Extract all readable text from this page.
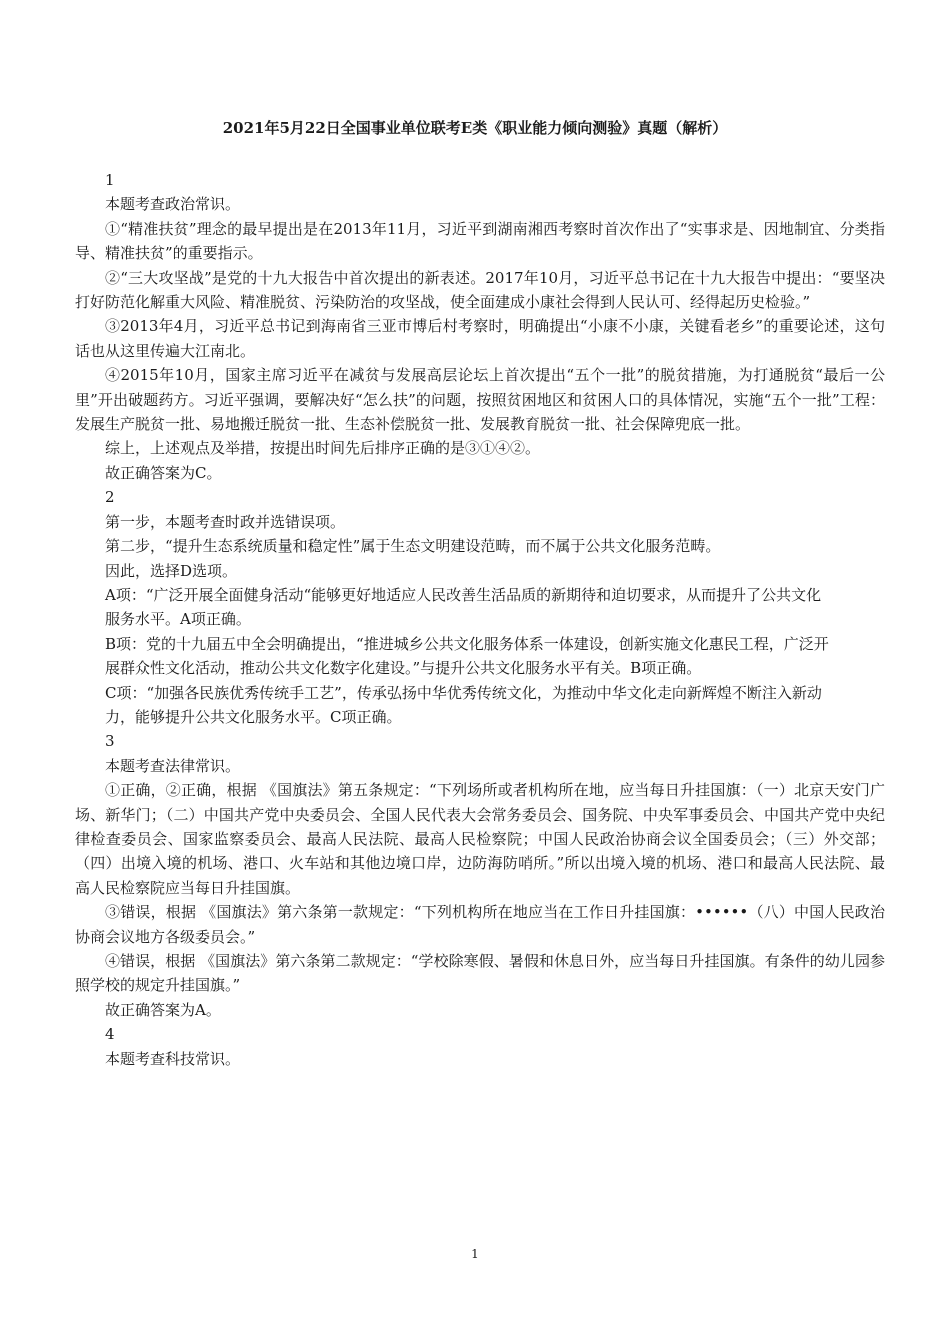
2021年5月22日全国事业单位联考E类《职业能力倾向测验》真题（解析）

1

本题考查政治常识。

①“精准扶贫”理念的最早提出是在2013年11月，习近平到湖南湘西考察时首次作出了“实事求是、因地制宜、分类指导、精准扶贫”的重要指示。

②“三大攻坚战”是党的十九大报告中首次提出的新表述。2017年10月，习近平总书记在十九大报告中提出：“要坚决打好防范化解重大风险、精准脱贫、污染防治的攻坚战，使全面建成小康社会得到人民认可、经得起历史检验。”

③2013年4月，习近平总书记到海南省三亚市博后村考察时，明确提出“小康不小康，关键看老乡”的重要论述，这句话也从这里传遍大江南北。

④2015年10月，国家主席习近平在减贫与发展高层论坛上首次提出“五个一批”的脱贫措施，为打通脱贫“最后一公里”开出破题药方。习近平强调，要解决好“怎么扶”的问题，按照贫困地区和贫困人口的具体情况，实施“五个一批”工程：发展生产脱贫一批、易地搬迁脱贫一批、生态补偿脱贫一批、发展教育脱贫一批、社会保障兜底一批。

综上，上述观点及举措，按提出时间先后排序正确的是③①④②。

故正确答案为C。

2

第一步，本题考查时政并选错误项。

第二步，“提升生态系统质量和稳定性”属于生态文明建设范畴，而不属于公共文化服务范畴。

因此，选择D选项。

A项：“广泛开展全面健身活动“能够更好地适应人民改善生活品质的新期待和迫切要求，从而提升了公共文化

服务水平。A项正确。

B项：党的十九届五中全会明确提出，“推进城乡公共文化服务体系一体建设，创新实施文化惠民工程，广泛开

展群众性文化活动，推动公共文化数字化建设。”与提升公共文化服务水平有关。B项正确。

C项：“加强各民族优秀传统手工艺”，传承弘扬中华优秀传统文化，为推动中华文化走向新辉煌不断注入新动

力，能够提升公共文化服务水平。C项正确。

3

本题考查法律常识。

①正确，②正确，根据 《国旗法》第五条规定：“下列场所或者机构所在地，应当每日升挂国旗：（一）北京天安门广场、新华门；（二）中国共产党中央委员会、全国人民代表大会常务委员会、国务院、中央军事委员会、中国共产党中央纪律检查委员会、国家监察委员会、最高人民法院、最高人民检察院；中国人民政治协商会议全国委员会；（三）外交部；（四）出境入境的机场、港口、火车站和其他边境口岸，边防海防哨所。”所以出境入境的机场、港口和最高人民法院、最高人民检察院应当每日升挂国旗。

③错误，根据 《国旗法》第六条第一款规定：“下列机构所在地应当在工作日升挂国旗：••••••（八）中国人民政治协商会议地方各级委员会。”

④错误，根据 《国旗法》第六条第二款规定：“学校除寒假、暑假和休息日外，应当每日升挂国旗。有条件的幼儿园参照学校的规定升挂国旗。”

故正确答案为A。

4

本题考查科技常识。

1
